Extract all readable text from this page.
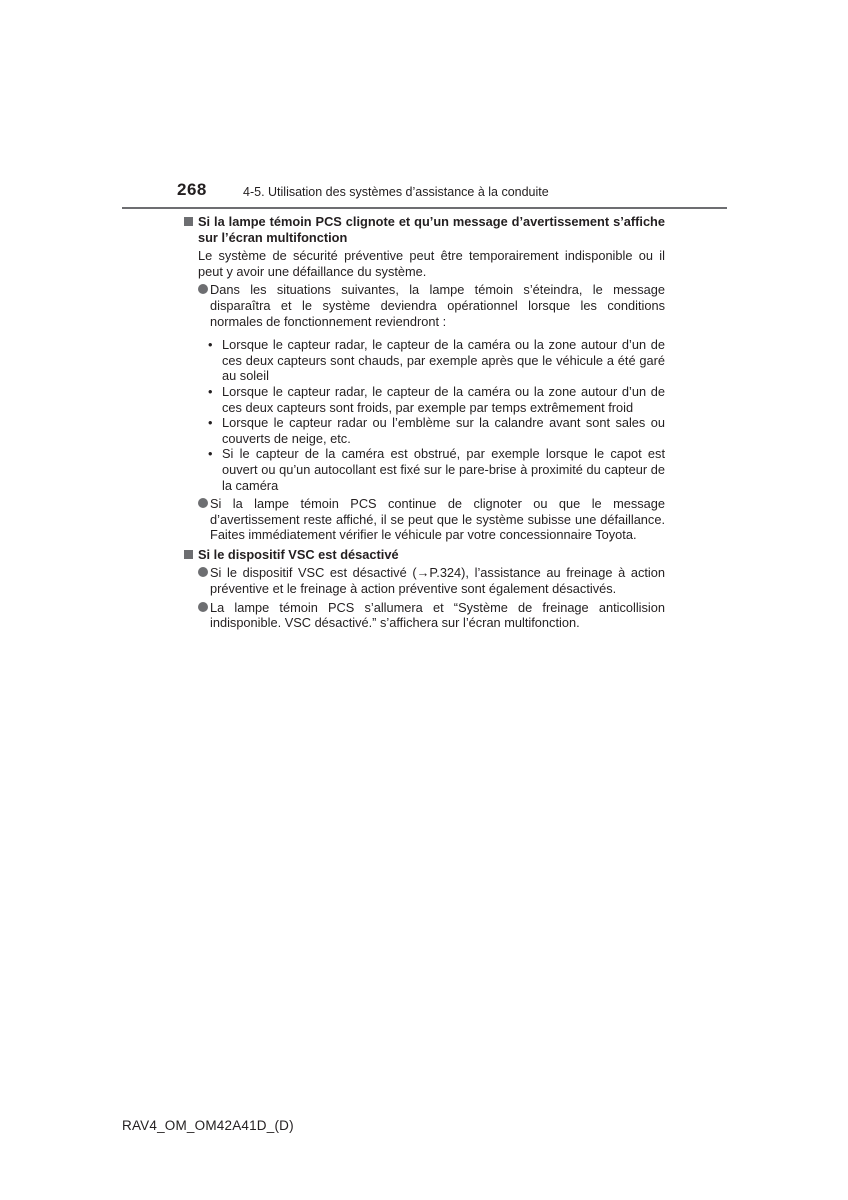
268	4-5. Utilisation des systèmes d’assistance à la conduite
Si la lampe témoin PCS clignote et qu’un message d’avertissement s’affiche sur l’écran multifonction
Le système de sécurité préventive peut être temporairement indisponible ou il peut y avoir une défaillance du système.
Dans les situations suivantes, la lampe témoin s’éteindra, le message disparaîtra et le système deviendra opérationnel lorsque les conditions normales de fonctionnement reviendront :
• Lorsque le capteur radar, le capteur de la caméra ou la zone autour d’un de ces deux capteurs sont chauds, par exemple après que le véhicule a été garé au soleil
• Lorsque le capteur radar, le capteur de la caméra ou la zone autour d’un de ces deux capteurs sont froids, par exemple par temps extrêmement froid
• Lorsque le capteur radar ou l’emblème sur la calandre avant sont sales ou couverts de neige, etc.
• Si le capteur de la caméra est obstrué, par exemple lorsque le capot est ouvert ou qu’un autocollant est fixé sur le pare-brise à proximité du capteur de la caméra
Si la lampe témoin PCS continue de clignoter ou que le message d’avertissement reste affiché, il se peut que le système subisse une défaillance. Faites immédiatement vérifier le véhicule par votre concessionnaire Toyota.
Si le dispositif VSC est désactivé
Si le dispositif VSC est désactivé (→P.324), l’assistance au freinage à action préventive et le freinage à action préventive sont également désactivés.
La lampe témoin PCS s’allumera et “Système de freinage anticollision indisponible. VSC désactivé.” s’affichera sur l’écran multifonction.
RAV4_OM_OM42A41D_(D)
